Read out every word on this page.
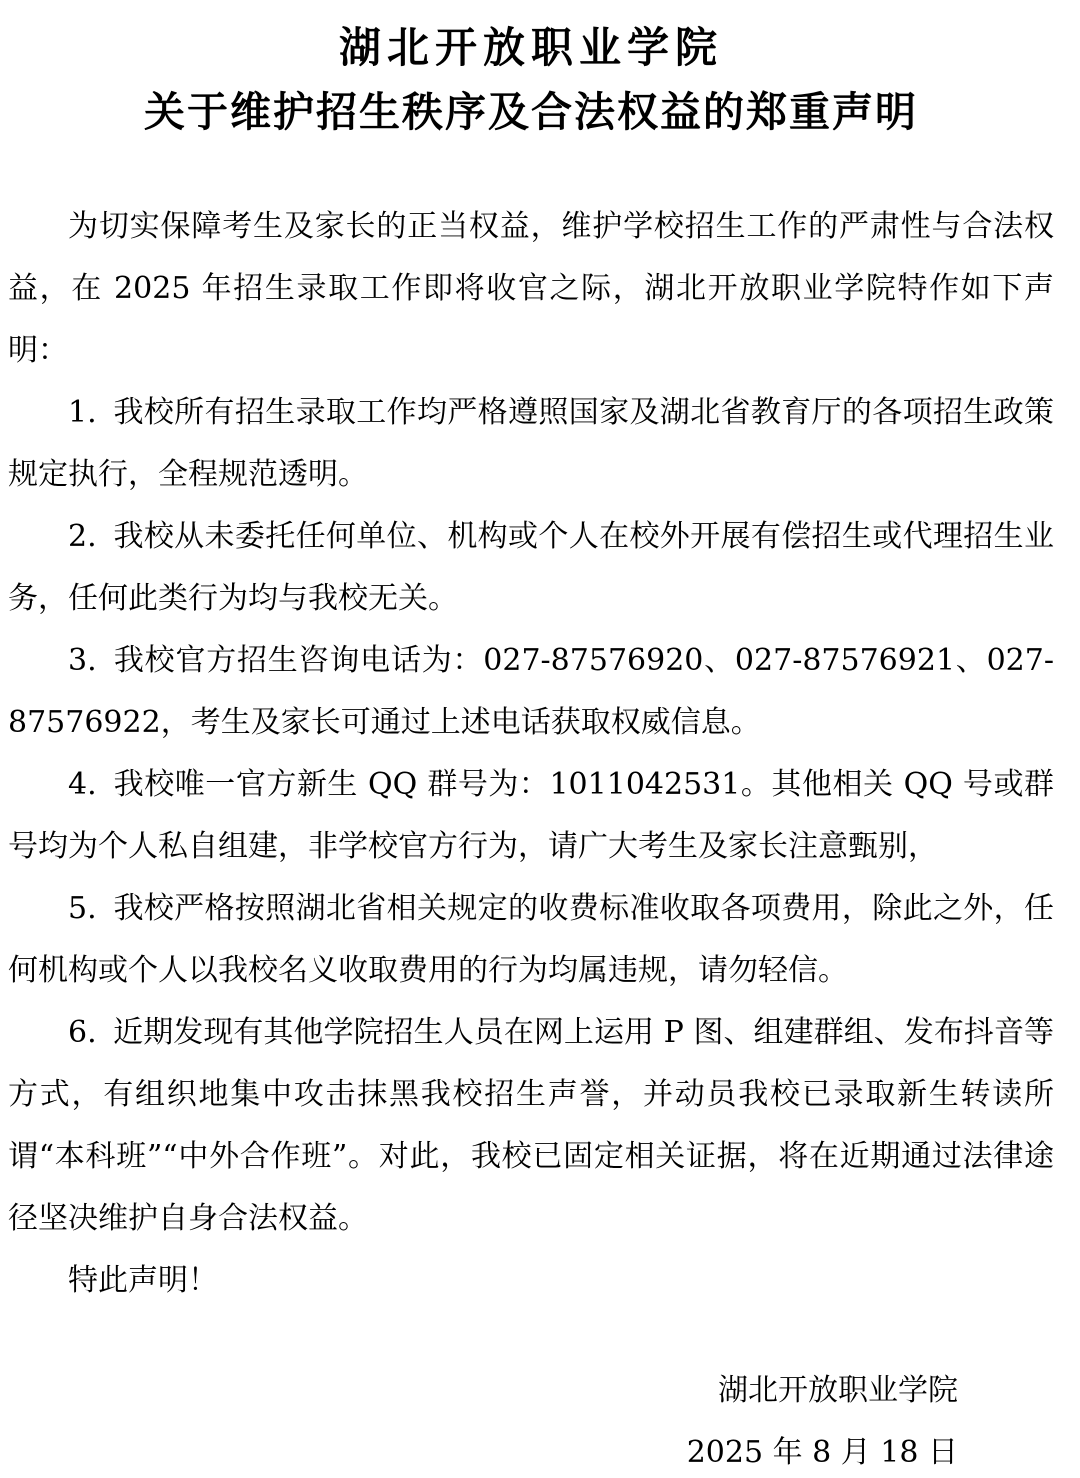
湖北开放职业学院
关于维护招生秩序及合法权益的郑重声明

为切实保障考生及家长的正当权益，维护学校招生工作的严肃性与合法权益，在 2025 年招生录取工作即将收官之际，湖北开放职业学院特作如下声明：

1. 我校所有招生录取工作均严格遵照国家及湖北省教育厅的各项招生政策规定执行，全程规范透明。

2. 我校从未委托任何单位、机构或个人在校外开展有偿招生或代理招生业务，任何此类行为均与我校无关。

3. 我校官方招生咨询电话为：027-87576920、027-87576921、027-87576922，考生及家长可通过上述电话获取权威信息。

4. 我校唯一官方新生 QQ 群号为：1011042531。其他相关 QQ 号或群号均为个人私自组建，非学校官方行为，请广大考生及家长注意甄别，

5. 我校严格按照湖北省相关规定的收费标准收取各项费用，除此之外，任何机构或个人以我校名义收取费用的行为均属违规，请勿轻信。

6. 近期发现有其他学院招生人员在网上运用 P 图、组建群组、发布抖音等方式，有组织地集中攻击抹黑我校招生声誉，并动员我校已录取新生转读所谓“本科班”“中外合作班”。对此，我校已固定相关证据，将在近期通过法律途径坚决维护自身合法权益。

特此声明！

湖北开放职业学院

2025 年 8 月 18 日
